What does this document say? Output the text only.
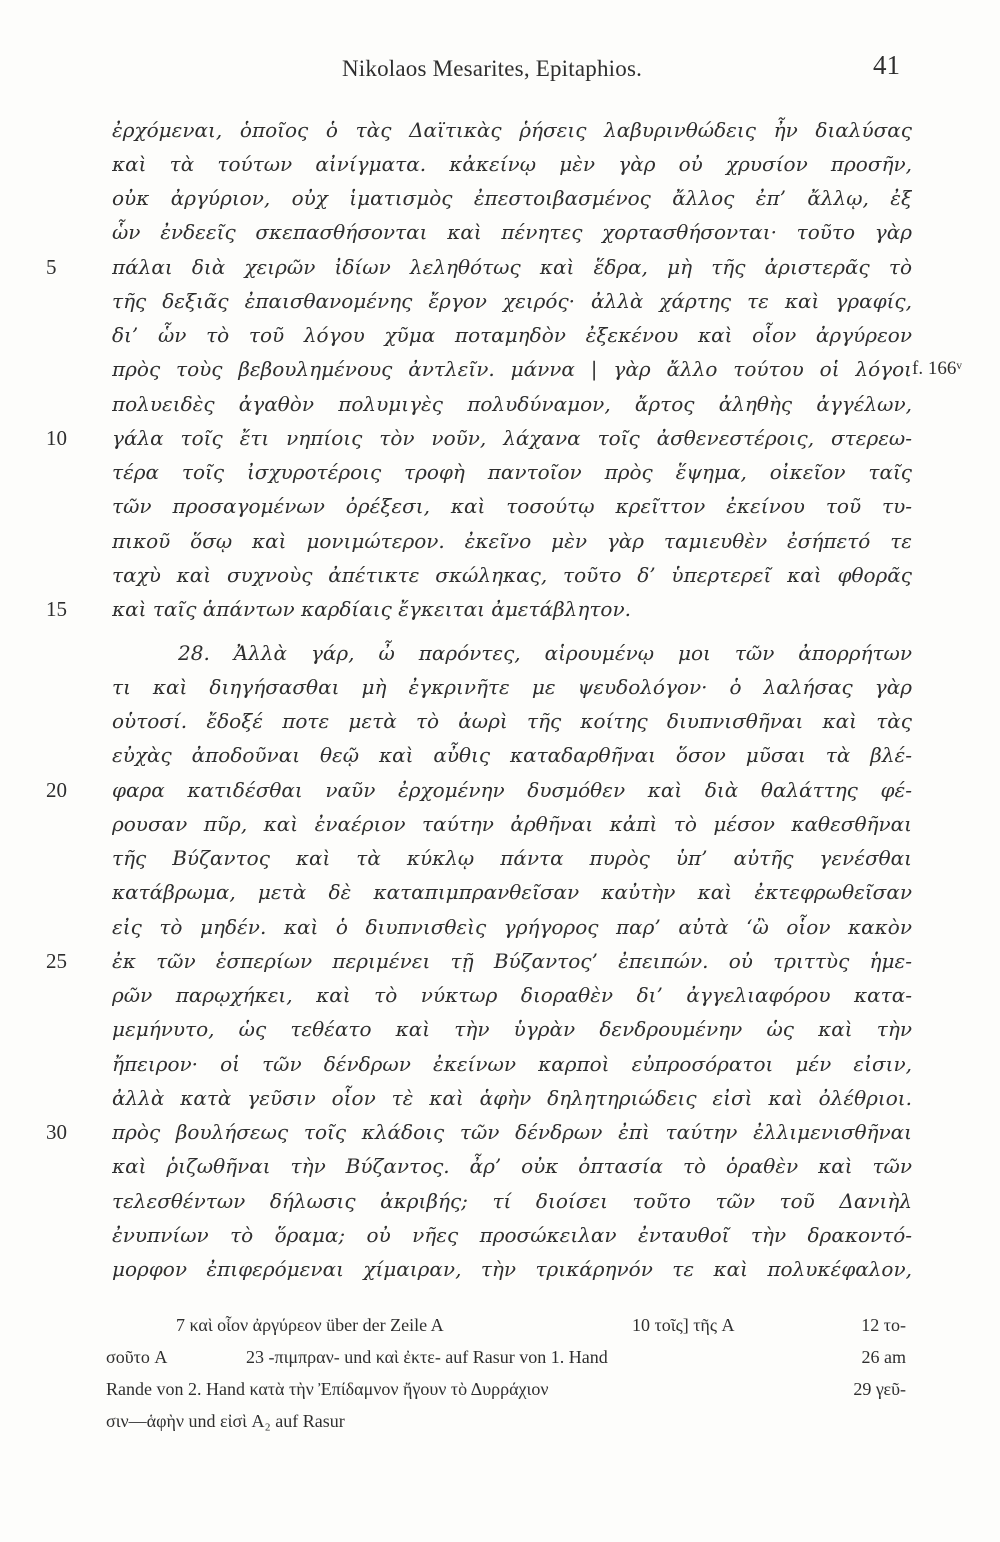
Nikolaos Mesarites, Epitaphios.	41
ἐρχόμεναι, ὁποῖος ὁ τὰς Δαϊτικὰς ῥήσεις λαβυρινθώδεις ἦν διαλύσας
καὶ τὰ τούτων αἰνίγματα. κἀκείνῳ μὲν γὰρ οὐ χρυσίον προσῆν,
οὐκ ἀργύριον, οὐχ ἱματισμὸς ἐπεστοιβασμένος ἄλλος ἐπ’ ἄλλῳ, ἐξ
ὧν ἐνδεεῖς σκεπασθήσονται καὶ πένητες χορτασθήσονται· τοῦτο γὰρ
πάλαι διὰ χειρῶν ἰδίων λεληθότως καὶ ἕδρα, μὴ τῆς ἀριστερᾶς τὸ
τῆς δεξιᾶς ἐπαισθανομένης ἔργον χειρός· ἀλλὰ χάρτης τε καὶ γραφίς,
δι’ ὧν τὸ τοῦ λόγου χῦμα ποταμηδὸν ἐξεκένου καὶ οἷον ἀργύρεον
πρὸς τοὺς βεβουλημένους ἀντλεῖν. μάννα | γὰρ ἄλλο τούτου οἱ λόγοι
πολυειδὲς ἀγαθὸν πολυμιγὲς πολυδύναμον, ἄρτος ἀληθὴς ἀγγέλων,
γάλα τοῖς ἔτι νηπίοις τὸν νοῦν, λάχανα τοῖς ἀσθενεστέροις, στερεω-
τέρα τοῖς ἰσχυροτέροις τροφὴ παντοῖον πρὸς ἕψημα, οἰκεῖον ταῖς
τῶν προσαγομένων ὀρέξεσι, καὶ τοσούτῳ κρεῖττον ἐκείνου τοῦ τυ-
πικοῦ ὅσῳ καὶ μονιμώτερον. ἐκεῖνο μὲν γὰρ ταμιευθὲν ἐσήπετό τε
ταχὺ καὶ συχνοὺς ἀπέτικτε σκώληκας, τοῦτο δ’ ὑπερτερεῖ καὶ φθορᾶς
καὶ ταῖς ἁπάντων καρδίαις ἔγκειται ἀμετάβλητον.
28. Ἀλλὰ γάρ, ὦ παρόντες, αἱρουμένῳ μοι τῶν ἀπορρήτων
τι καὶ διηγήσασθαι μὴ ἐγκρινῆτε με ψευδολόγον· ὁ λαλήσας γὰρ
οὑτοσί. ἔδοξέ ποτε μετὰ τὸ ἀωρὶ τῆς κοίτης διυπνισθῆναι καὶ τὰς
εὐχὰς ἀποδοῦναι θεῷ καὶ αὖθις καταδαρθῆναι ὅσον μῦσαι τὰ βλέ-
φαρα κατιδέσθαι ναῦν ἐρχομένην δυσμόθεν καὶ διὰ θαλάττης φέ-
ρουσαν πῦρ, καὶ ἐναέριον ταύτην ἀρθῆναι κἀπὶ τὸ μέσον καθεσθῆναι
τῆς Βύζαντος καὶ τὰ κύκλῳ πάντα πυρὸς ὑπ’ αὐτῆς γενέσθαι
κατάβρωμα, μετὰ δὲ καταπιμπρανθεῖσαν καὐτὴν καὶ ἐκτεφρωθεῖσαν
εἰς τὸ μηδέν. καὶ ὁ διυπνισθεὶς γρήγορος παρ’ αὐτὰ ‘ὢ οἷον κακὸν
ἐκ τῶν ἑσπερίων περιμένει τῇ Βύζαντος’ ἐπειπών. οὐ τριττὺς ἡμε-
ρῶν παρῳχήκει, καὶ τὸ νύκτωρ διοραθὲν δι’ ἀγγελιαφόρου κατα-
μεμήνυτο, ὡς τεθέατο καὶ τὴν ὑγρὰν δενδρουμένην ὡς καὶ τὴν
ἤπειρον· οἱ τῶν δένδρων ἐκείνων καρποὶ εὐπροσόρατοι μέν εἰσιν,
ἀλλὰ κατὰ γεῦσιν οἷον τὲ καὶ ἁφὴν δηλητηριώδεις εἰσὶ καὶ ὀλέθριοι.
πρὸς βουλήσεως τοῖς κλάδοις τῶν δένδρων ἐπὶ ταύτην ἐλλιμενισθῆναι
καὶ ῥιζωθῆναι τὴν Βύζαντος. ἆρ’ οὐκ ὀπτασία τὸ ὁραθὲν καὶ τῶν
τελεσθέντων δήλωσις ἀκριβής; τί διοίσει τοῦτο τῶν τοῦ Δανιὴλ
ἐνυπνίων τὸ ὅραμα; οὐ νῆες προσώκειλαν ἐνταυθοῖ τὴν δρακοντό-
μορφον ἐπιφερόμεναι χίμαιραν, τὴν τρικάρηνόν τε καὶ πολυκέφαλον,
5
10
15
20
25
30
f. 166ᵛ
7 καὶ οἷον ἀργύρεον über der Zeile A	10 τοῖς] τῆς A	12 το-
σοῦτο A	23 -πιμπραν- und καὶ ἐκτε- auf Rasur von 1. Hand	26 am
Rande von 2. Hand κατὰ τὴν Ἐπίδαμνον ἤγουν τὸ Δυρράχιον	29 γεῦ-
σιν—ἁφὴν und εἰσὶ A₂ auf Rasur
